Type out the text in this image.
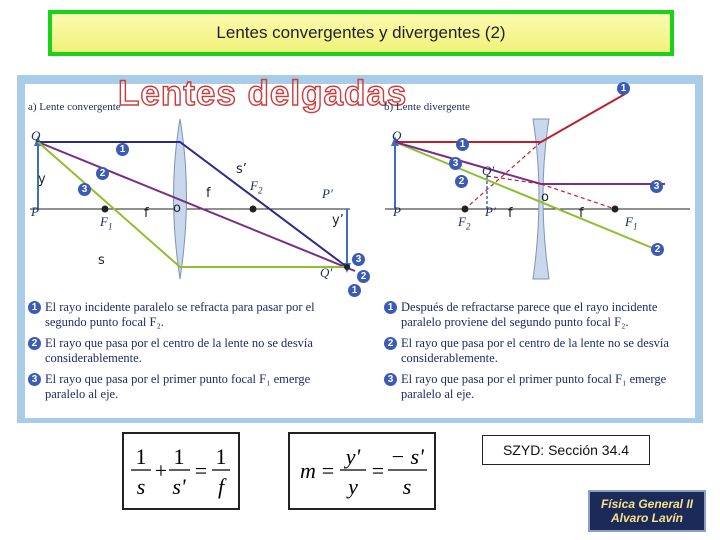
Lentes convergentes y divergentes (2)
Lentes delgadas
a) Lente convergente	b) Lente divergente
Q
P
$F_1$
$F_2$	P′
Q′
Q
P
$F_2$
P′
Q′
$F_1$
y
s’
f o
f
y’
s
f
o
f
1
2
3
3
2
1
1
3
2
1
3
2
1 El rayo incidente paralelo se refracta para pasar por el segundo punto focal F₂.
2 El rayo que pasa por el centro de la lente no se desvía considerablemente.
3 El rayo que pasa por el primer punto focal F₁ emerge paralelo al eje.
1 Después de refractarse parece que el rayo incidente paralelo proviene del segundo punto focal F₂.
2 El rayo que pasa por el centro de la lente no se desvía considerablemente.
3 El rayo que pasa por el primer punto focal F₁ emerge paralelo al eje.
1
s
+
1
s'
=
1
f
m =
y'
y
=
− s'
s
SZYD: Sección 34.4
Física General II
Alvaro Lavín
